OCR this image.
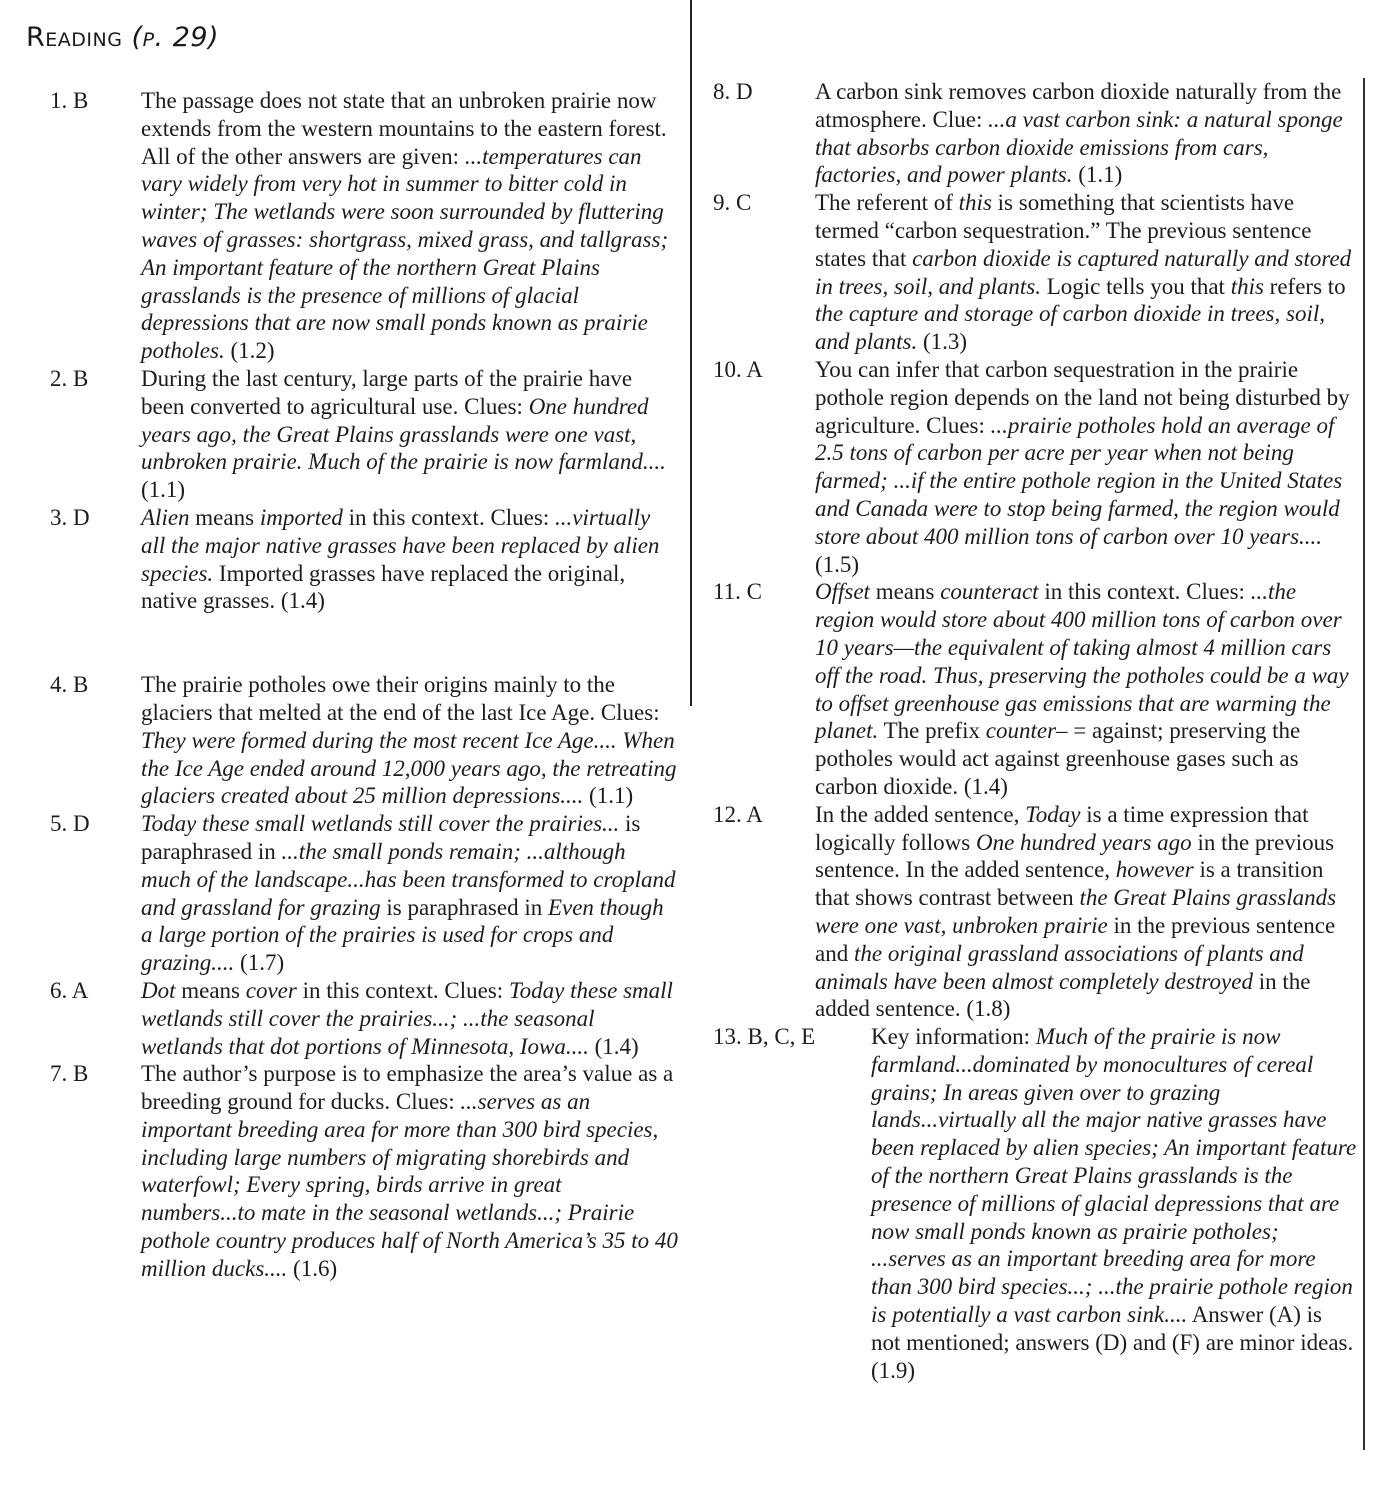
Reading (p. 29)
1. B The passage does not state that an unbroken prairie now extends from the western mountains to the eastern forest. All of the other answers are given: ...temperatures can vary widely from very hot in summer to bitter cold in winter; The wetlands were soon surrounded by fluttering waves of grasses: shortgrass, mixed grass, and tallgrass; An important feature of the northern Great Plains grasslands is the presence of millions of glacial depressions that are now small ponds known as prairie potholes. (1.2)
2. B During the last century, large parts of the prairie have been converted to agricultural use. Clues: One hundred years ago, the Great Plains grasslands were one vast, unbroken prairie. Much of the prairie is now farmland.... (1.1)
3. D Alien means imported in this context. Clues: ...virtually all the major native grasses have been replaced by alien species. Imported grasses have replaced the original, native grasses. (1.4)
4. B The prairie potholes owe their origins mainly to the glaciers that melted at the end of the last Ice Age. Clues: They were formed during the most recent Ice Age.... When the Ice Age ended around 12,000 years ago, the retreating glaciers created about 25 million depressions.... (1.1)
5. D Today these small wetlands still cover the prairies... is paraphrased in ...the small ponds remain; ...although much of the landscape...has been transformed to cropland and grassland for grazing is paraphrased in Even though a large portion of the prairies is used for crops and grazing.... (1.7)
6. A Dot means cover in this context. Clues: Today these small wetlands still cover the prairies...; ...the seasonal wetlands that dot portions of Minnesota, Iowa.... (1.4)
7. B The author’s purpose is to emphasize the area’s value as a breeding ground for ducks. Clues: ...serves as an important breeding area for more than 300 bird species, including large numbers of migrating shorebirds and waterfowl; Every spring, birds arrive in great numbers...to mate in the seasonal wetlands...; Prairie pothole country produces half of North America’s 35 to 40 million ducks.... (1.6)
8. D	A carbon sink removes carbon dioxide naturally from the atmosphere. Clue: ...a vast carbon sink: a natural sponge that absorbs carbon dioxide emissions from cars, factories, and power plants. (1.1)
9. C	The referent of this is something that scientists have termed “carbon sequestration.” The previous sentence states that carbon dioxide is captured naturally and stored in trees, soil, and plants. Logic tells you that this refers to the capture and storage of carbon dioxide in trees, soil, and plants. (1.3)
10. A You can infer that carbon sequestration in the prairie pothole region depends on the land not being disturbed by agriculture. Clues: ...prairie potholes hold an average of 2.5 tons of carbon per acre per year when not being farmed; ...if the entire pothole region in the United States and Canada were to stop being farmed, the region would store about 400 million tons of carbon over 10 years.... (1.5)
11. C Offset means counteract in this context. Clues: ...the region would store about 400 million tons of carbon over 10 years—the equivalent of taking almost 4 million cars off the road. Thus, preserving the potholes could be a way to offset greenhouse gas emissions that are warming the planet. The prefix counter– = against; preserving the potholes would act against greenhouse gases such as carbon dioxide. (1.4)
12. A In the added sentence, Today is a time expression that logically follows One hundred years ago in the previous sentence. In the added sentence, however is a transition that shows contrast between the Great Plains grasslands were one vast, unbroken prairie in the previous sentence and the original grassland associations of plants and animals have been almost completely destroyed in the added sentence. (1.8)
13. B, C, E Key information: Much of the prairie is now farmland...dominated by monocultures of cereal grains; In areas given over to grazing lands...virtually all the major native grasses have been replaced by alien species; An important feature of the northern Great Plains grasslands is the presence of millions of glacial depressions that are now small ponds known as prairie potholes; ...serves as an important breeding area for more than 300 bird species...; ...the prairie pothole region is potentially a vast carbon sink.... Answer (A) is not mentioned; answers (D) and (F) are minor ideas. (1.9)
